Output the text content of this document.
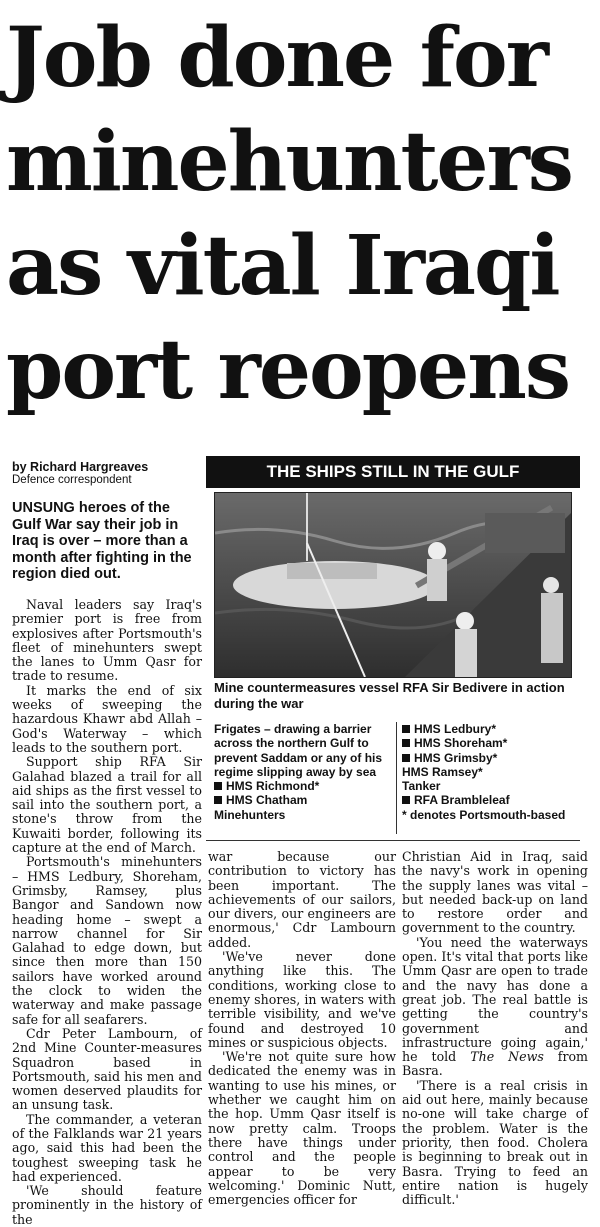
Job done for
minehunters
as vital Iraqi
port reopens
by Richard Hargreaves
Defence correspondent
UNSUNG heroes of the Gulf War say their job in Iraq is over – more than a month after fighting in the region died out.

Naval leaders say Iraq's premier port is free from explosives after Portsmouth's fleet of minehunters swept the lanes to Umm Qasr for trade to resume.

It marks the end of six weeks of sweeping the hazardous Khawr abd Allah – God's Waterway – which leads to the southern port.

Support ship RFA Sir Galahad blazed a trail for all aid ships as the first vessel to sail into the southern port, a stone's throw from the Kuwaiti border, following its capture at the end of March.

Portsmouth's minehunters – HMS Ledbury, Shoreham, Grimsby, Ramsey, plus Bangor and Sandown now heading home – swept a narrow channel for Sir Galahad to edge down, but since then more than 150 sailors have worked around the clock to widen the waterway and make passage safe for all seafarers.

Cdr Peter Lambourn, of 2nd Mine Counter-measures Squadron based in Portsmouth, said his men and women deserved plaudits for an unsung task.

The commander, a veteran of the Falklands war 21 years ago, said this had been the toughest sweeping task he had experienced.

'We should feature prominently in the history of the

war because our contribution to victory has been important. The achievements of our sailors, our divers, our engineers are enormous,' Cdr Lambourn added.

'We've never done anything like this. The conditions, working close to enemy shores, in waters with terrible visibility, and we've found and destroyed 10 mines or suspicious objects.

'We're not quite sure how dedicated the enemy was in wanting to use his mines, or whether we caught him on the hop. Umm Qasr itself is now pretty calm. Troops there have things under control and the people appear to be very welcoming.' Dominic Nutt, emergencies officer for

Christian Aid in Iraq, said the navy's work in opening the supply lanes was vital – but needed back-up on land to restore order and government to the country.

'You need the waterways open. It's vital that ports like Umm Qasr are open to trade and the navy has done a great job. The real battle is getting the country's government and infrastructure going again,' he told The News from Basra.

'There is a real crisis in aid out here, mainly because no-one will take charge of the problem. Water is the priority, then food. Cholera is beginning to break out in Basra. Trying to feed an entire nation is hugely difficult.'

THE SHIPS STILL IN THE GULF
Mine countermeasures vessel RFA Sir Bedivere in action during the war
Frigates – drawing a barrier across the northern Gulf to prevent Saddam or any of his regime slipping away by sea
HMS Richmond*
HMS Chatham
Minehunters
HMS Ledbury*
HMS Shoreham*
HMS Grimsby*
HMS Ramsey*
Tanker
RFA Brambleleaf
* denotes Portsmouth-based
